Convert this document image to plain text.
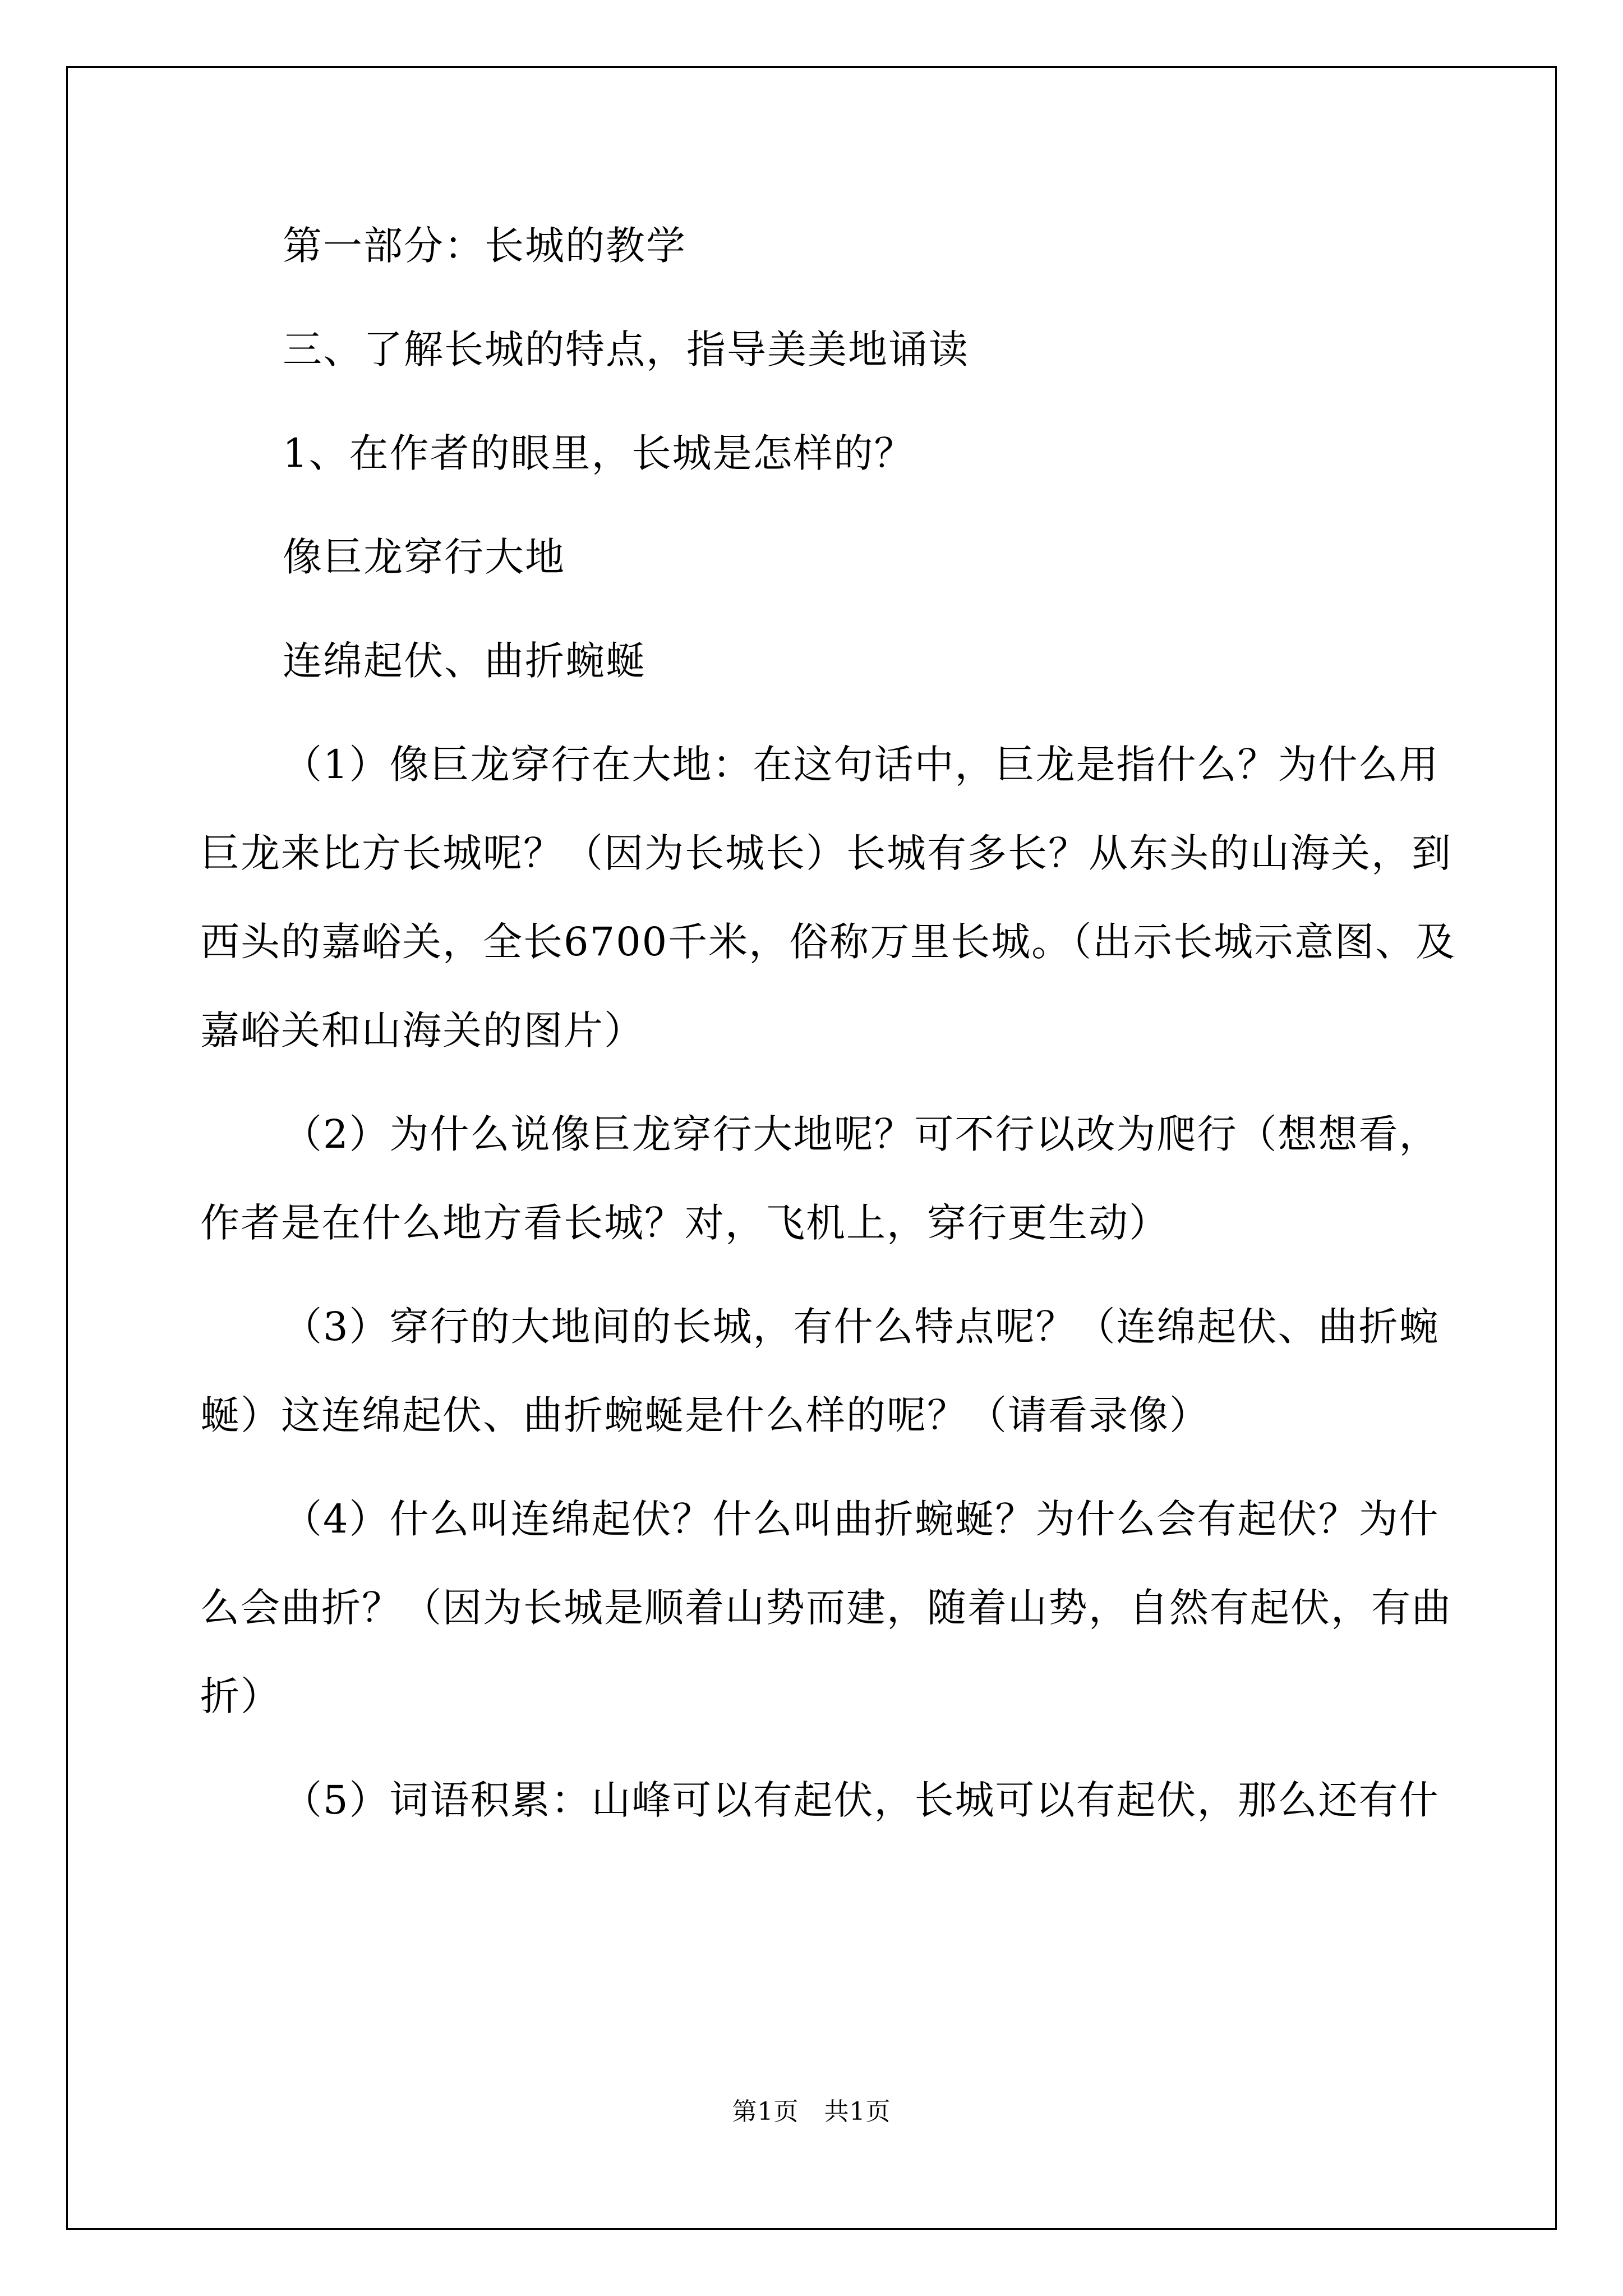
第一部分：长城的教学

三、了解长城的特点，指导美美地诵读

1、在作者的眼里，长城是怎样的？

像巨龙穿行大地

连绵起伏、曲折蜿蜒

（1）像巨龙穿行在大地：在这句话中，巨龙是指什么？为什么用巨龙来比方长城呢？（因为长城长）长城有多长？从东头的山海关，到西头的嘉峪关，全长6700千米，俗称万里长城。（出示长城示意图、及嘉峪关和山海关的图片）

（2）为什么说像巨龙穿行大地呢？可不行以改为爬行（想想看，作者是在什么地方看长城？对，飞机上，穿行更生动）

（3）穿行的大地间的长城，有什么特点呢？（连绵起伏、曲折蜿蜒）这连绵起伏、曲折蜿蜒是什么样的呢？（请看录像）

（4）什么叫连绵起伏？什么叫曲折蜿蜒？为什么会有起伏？为什么会曲折？（因为长城是顺着山势而建，随着山势，自然有起伏，有曲折）

（5）词语积累：山峰可以有起伏，长城可以有起伏，那么还有什

第1页　共1页
